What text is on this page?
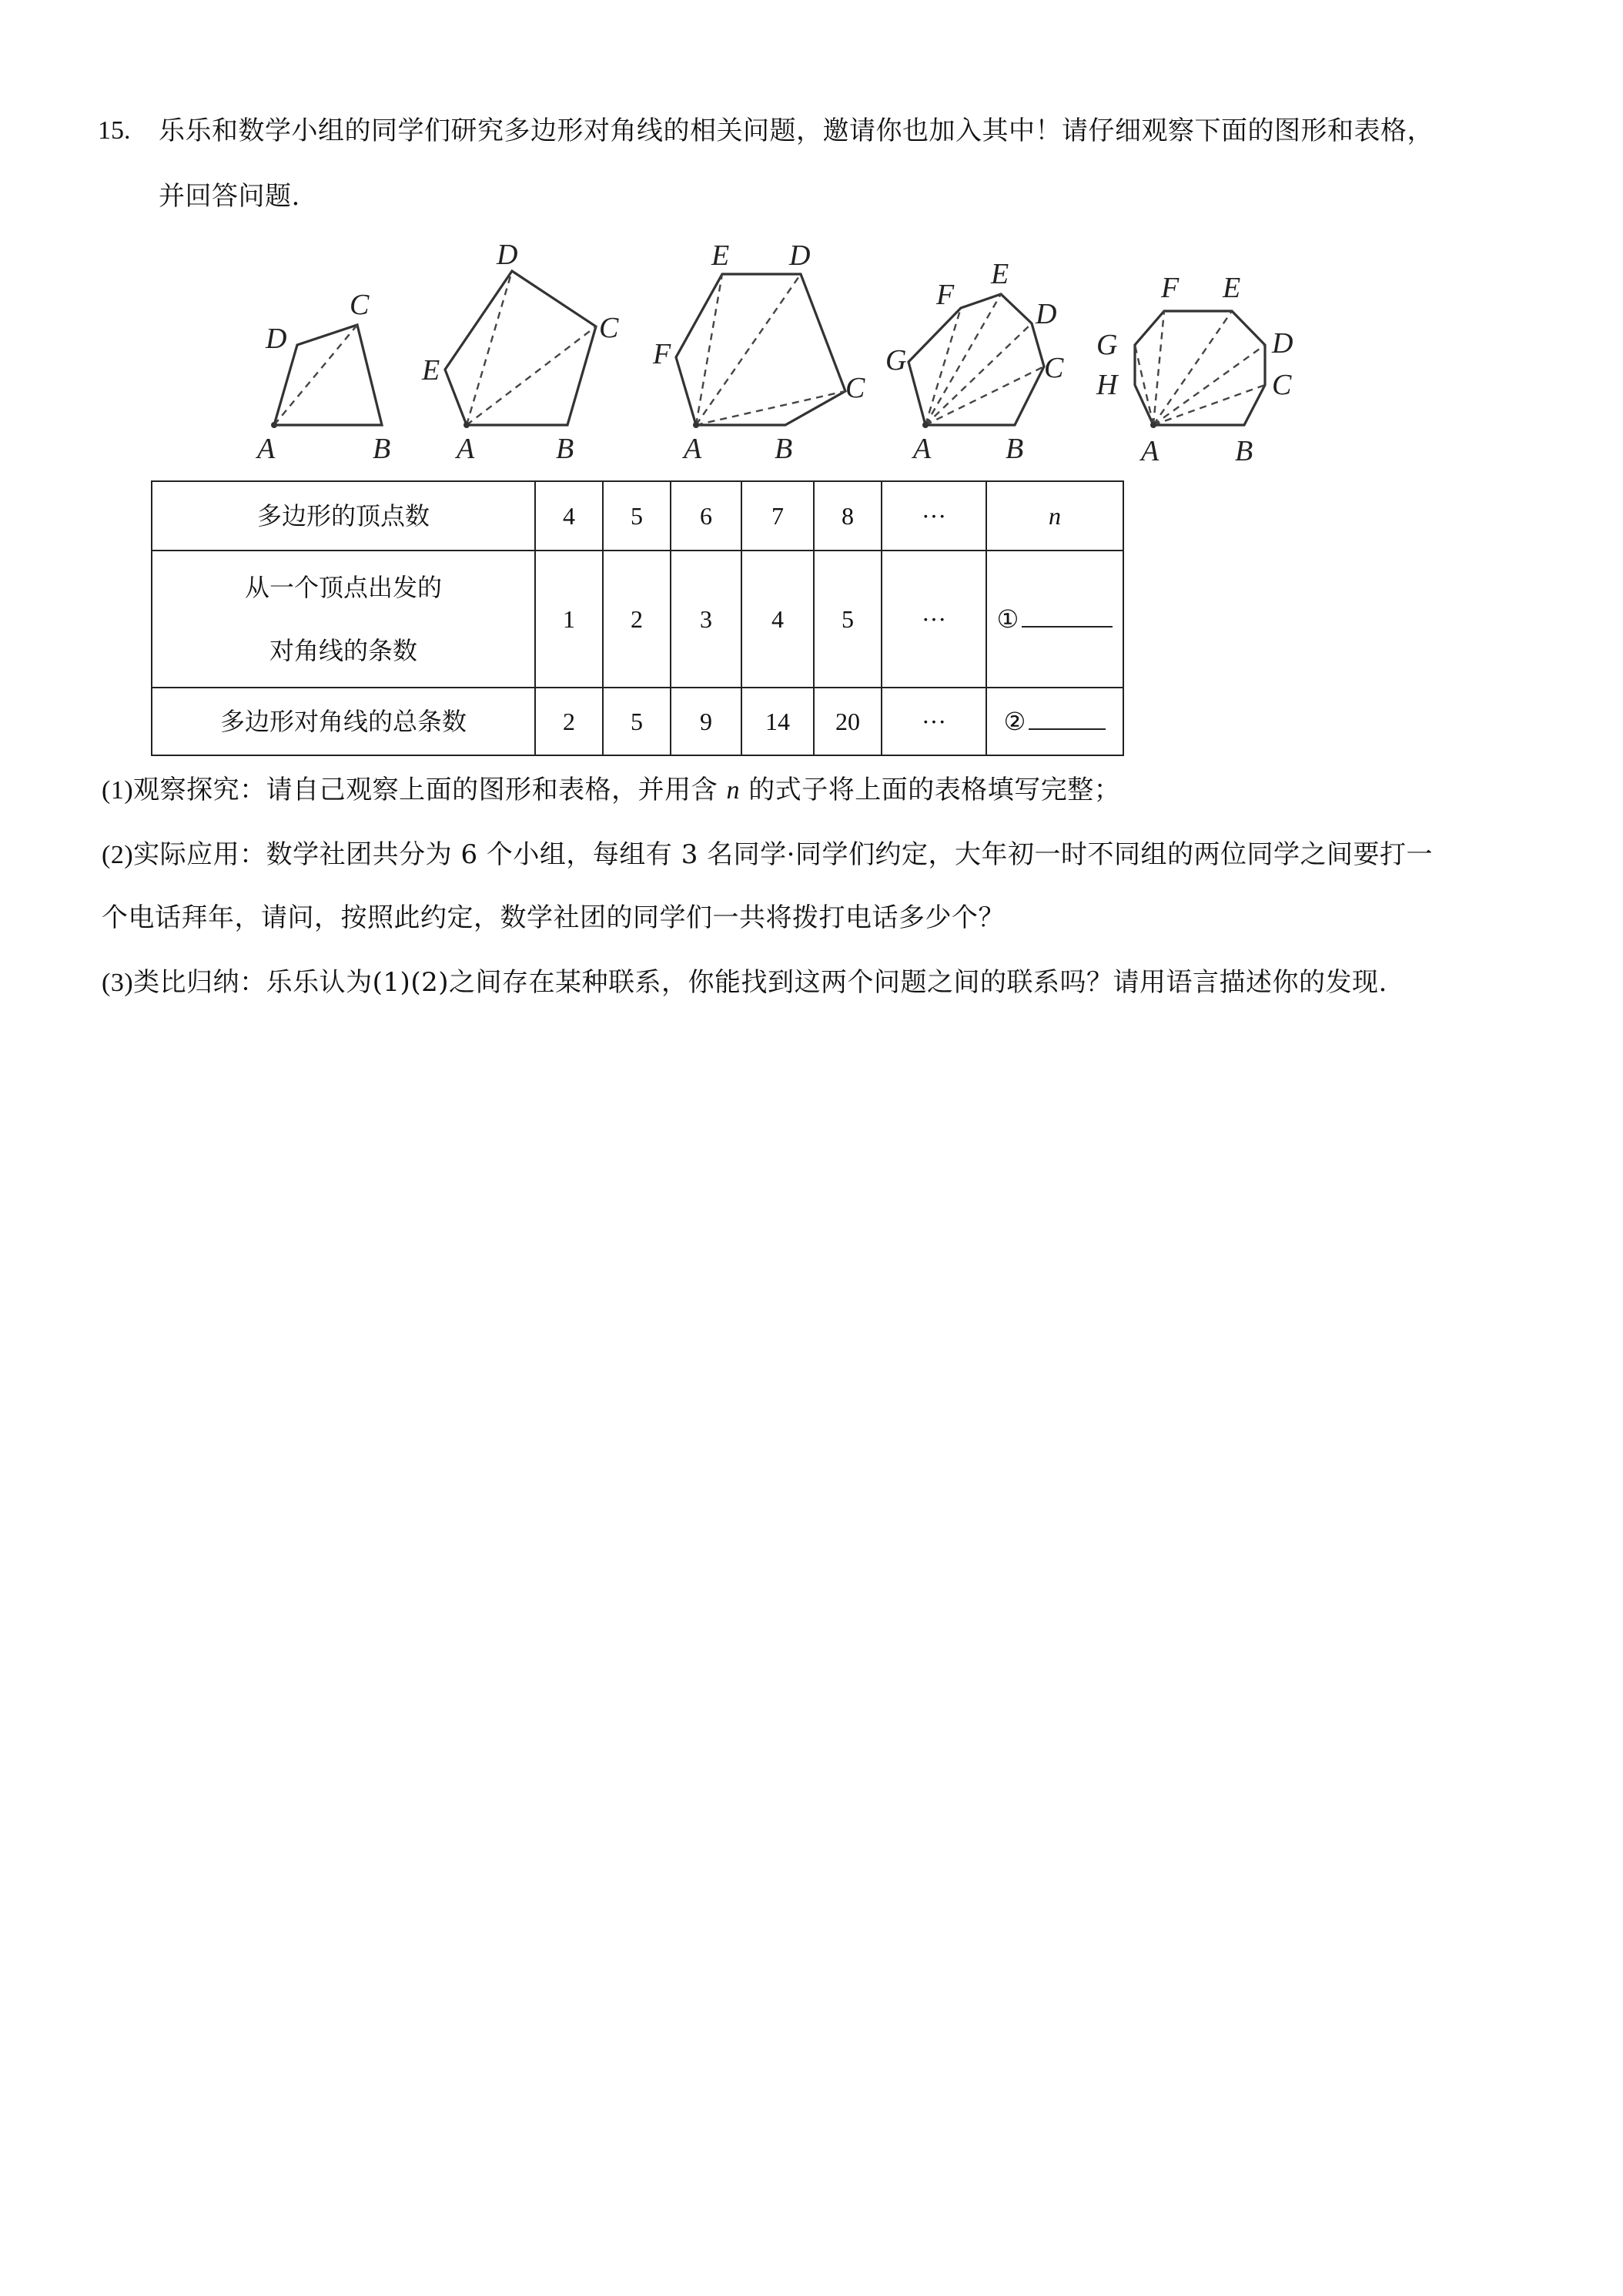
15. 乐乐和数学小组的同学们研究多边形对角线的相关问题，邀请你也加入其中！请仔细观察下面的图形和表格，
并回答问题.
A	B
C
D
A	B
C
D
E
A B
C
D
E
F
A	B
C
D
E
F
G
A	B
C
D
E
F
G
H
多边形的顶点数	4	5	6	7	8	···	n

从一个顶点出发的
对角线的条数	1	2	3	4	5	···	①
多边形对角线的总条数	2	5	9	14	20	···	②
(1)观察探究：请自己观察上面的图形和表格，并用含 n 的式子将上面的表格填写完整；
(2)实际应用：数学社团共分为 6 个小组，每组有 3 名同学·同学们约定，大年初一时不同组的两位同学之间要打一
个电话拜年，请问，按照此约定，数学社团的同学们一共将拨打电话多少个？
(3)类比归纳：乐乐认为(1)(2)之间存在某种联系，你能找到这两个问题之间的联系吗？请用语言描述你的发现.
